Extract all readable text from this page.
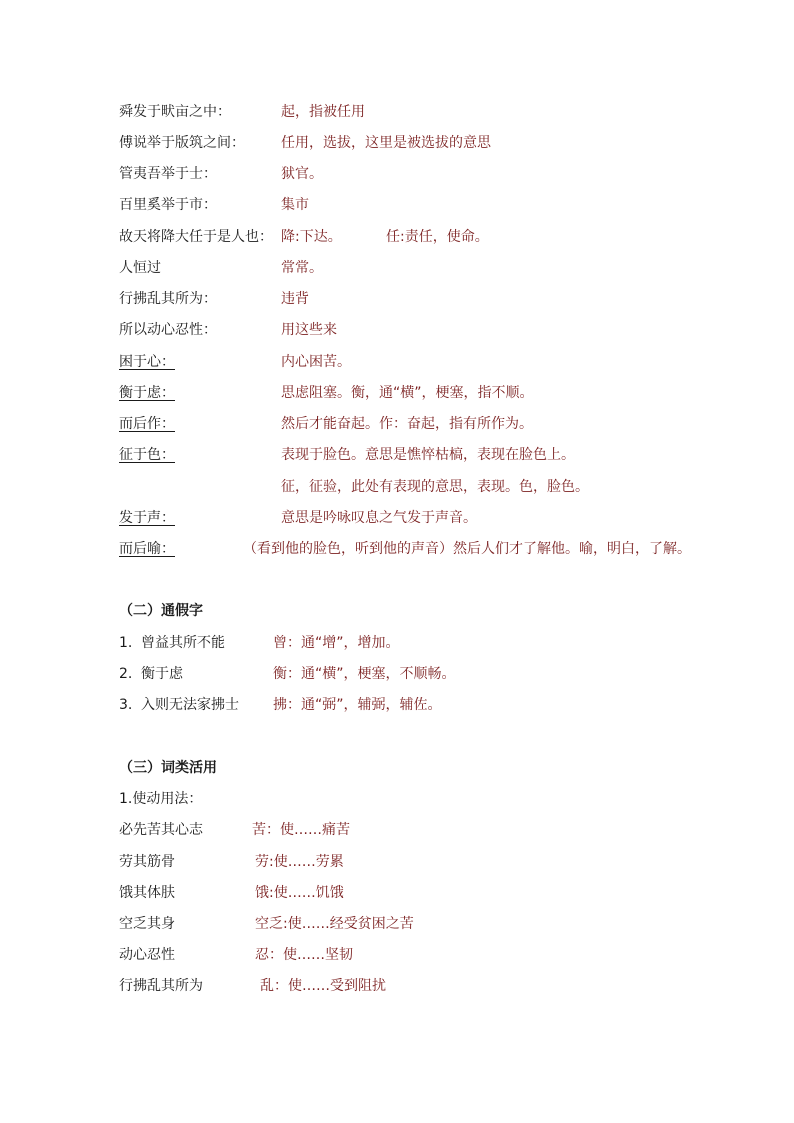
舜发于畎亩之中：	起，指被任用
傅说举于版筑之间：	任用，选拔，这里是被选拔的意思
管夷吾举于士：	狱官。
百里奚举于市：	集市
故天将降大任于是人也： 降:下达。	任:责任，使命。
人恒过	常常。
行拂乱其所为：	违背
所以动心忍性：	用这些来
困于心：	内心困苦。
衡于虑：	思虑阻塞。衡，通“横”，梗塞，指不顺。
而后作：	然后才能奋起。作：奋起，指有所作为。
征于色：	表现于脸色。意思是憔悴枯槁，表现在脸色上。
征，征验，此处有表现的意思，表现。色，脸色。
发于声：	意思是吟咏叹息之气发于声音。
而后喻：	（看到他的脸色，听到他的声音）然后人们才了解他。喻，明白，了解。
（二）通假字
1. 曾益其所不能	曾：通“增”，增加。
2. 衡于虑	衡：通“横”，梗塞，不顺畅。
3. 入则无法家拂士 拂：通“弼”，辅弼，辅佐。
（三）词类活用
1.使动用法：
必先苦其心志	苦：使……痛苦
劳其筋骨	劳:使……劳累
饿其体肤	饿:使……饥饿
空乏其身	空乏:使……经受贫困之苦
动心忍性	忍：使……坚韧
行拂乱其所为	乱：使……受到阻扰
